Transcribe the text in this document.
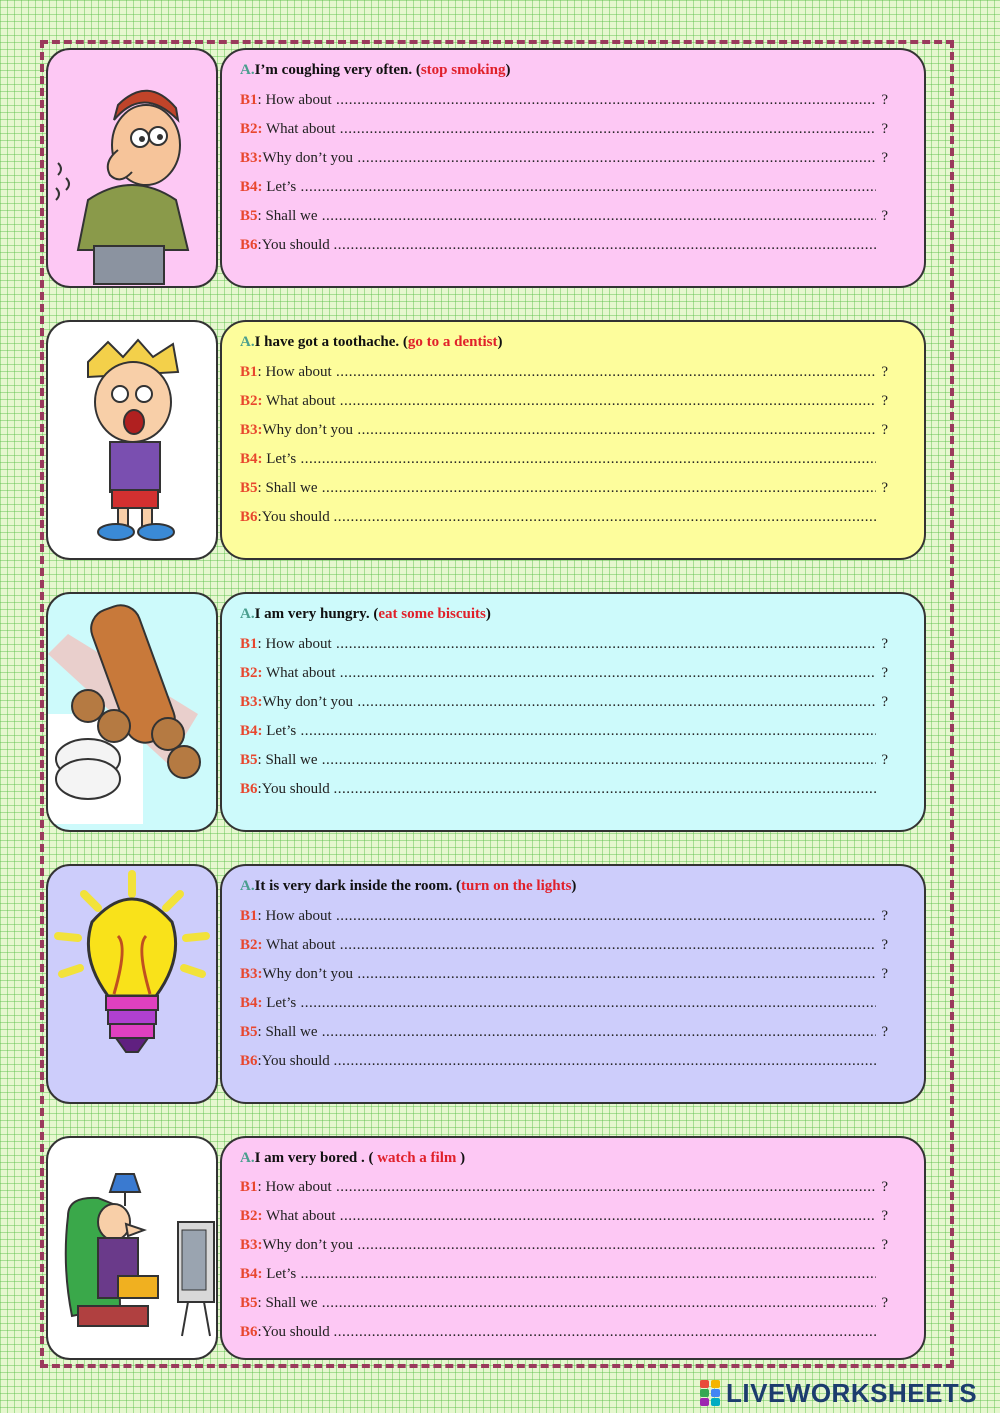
A.I’m coughing very often. (stop smoking)
B1: How about .....	?
B2: What about .....	?
B3:Why don’t you .....	?
B4: Let’s .....
B5: Shall we .....	?
B6:You should .....
A.I have got a toothache. (go to a dentist)
B1: How about .....	?
B2: What about .....	?
B3:Why don’t you .....	?
B4: Let’s .....
B5: Shall we .....	?
B6:You should .....
A.I am very hungry. (eat some biscuits)
B1: How about .....	?
B2: What about .....	?
B3:Why don’t you .....	?
B4: Let’s .....
B5: Shall we .....	?
B6:You should .....
A.It is very dark inside the room. (turn on the lights)
B1: How about .....	?
B2: What about .....	?
B3:Why don’t you .....	?
B4: Let’s .....
B5: Shall we .....	?
B6:You should .....
A.I am very bored . ( watch a film )
B1: How about .....	?
B2: What about .....	?
B3:Why don’t you .....	?
B4: Let’s .....
B5: Shall we .....	?
B6:You should .....
LIVEWORKSHEETS
